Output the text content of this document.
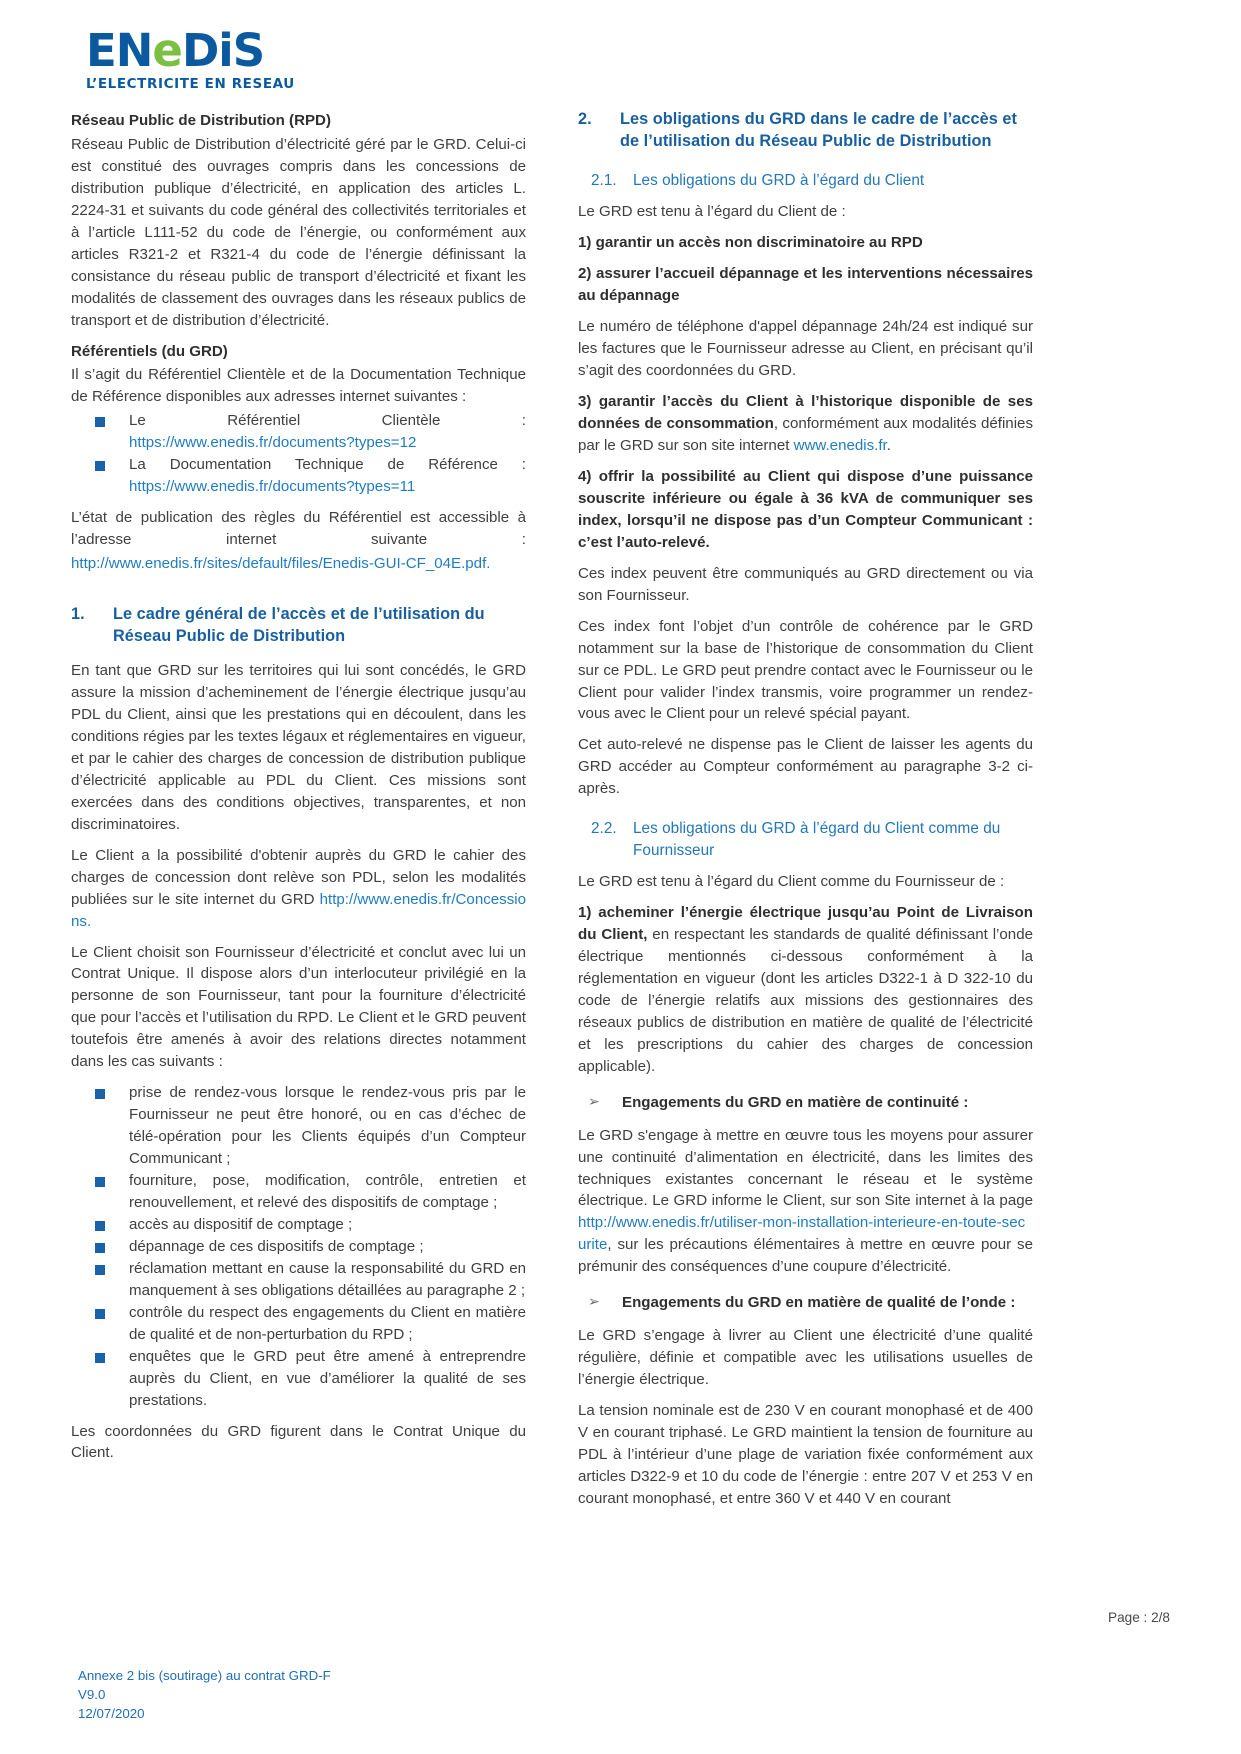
ENeDiS
L’ELECTRICITE EN RESEAU

Réseau Public de Distribution (RPD)

Réseau Public de Distribution d’électricité géré par le GRD. Celui-ci est constitué des ouvrages compris dans les concessions de distribution publique d’électricité, en application des articles L. 2224-31 et suivants du code général des collectivités territoriales et à l’article L111-52 du code de l’énergie, ou conformément aux articles R321-2 et R321-4 du code de l’énergie définissant la consistance du réseau public de transport d’électricité et fixant les modalités de classement des ouvrages dans les réseaux publics de transport et de distribution d’électricité.

Référentiels (du GRD)

Il s’agit du Référentiel Clientèle et de la Documentation Technique de Référence disponibles aux adresses internet suivantes :

Le Référentiel Clientèle :
https://www.enedis.fr/documents?types=12
La Documentation Technique de Référence :
https://www.enedis.fr/documents?types=11

L’état de publication des règles du Référentiel est accessible à l’adresse internet suivante :

http://www.enedis.fr/sites/default/files/Enedis-GUI-CF_04E.pdf.

1. Le cadre général de l’accès et de l’utilisation du Réseau Public de Distribution

En tant que GRD sur les territoires qui lui sont concédés, le GRD assure la mission d’acheminement de l’énergie électrique jusqu’au PDL du Client, ainsi que les prestations qui en découlent, dans les conditions régies par les textes légaux et réglementaires en vigueur, et par le cahier des charges de concession de distribution publique d’électricité applicable au PDL du Client. Ces missions sont exercées dans des conditions objectives, transparentes, et non discriminatoires.

Le Client a la possibilité d'obtenir auprès du GRD le cahier des charges de concession dont relève son PDL, selon les modalités publiées sur le site internet du GRD http://www.enedis.fr/Concessions.

Le Client choisit son Fournisseur d’électricité et conclut avec lui un Contrat Unique. Il dispose alors d’un interlocuteur privilégié en la personne de son Fournisseur, tant pour la fourniture d’électricité que pour l’accès et l’utilisation du RPD. Le Client et le GRD peuvent toutefois être amenés à avoir des relations directes notamment dans les cas suivants :

prise de rendez-vous lorsque le rendez-vous pris par le Fournisseur ne peut être honoré, ou en cas d’échec de télé-opération pour les Clients équipés d’un Compteur Communicant ;
fourniture, pose, modification, contrôle, entretien et renouvellement, et relevé des dispositifs de comptage ;
accès au dispositif de comptage ;
dépannage de ces dispositifs de comptage ;
réclamation mettant en cause la responsabilité du GRD en manquement à ses obligations détaillées au paragraphe 2 ;
contrôle du respect des engagements du Client en matière de qualité et de non-perturbation du RPD ;
enquêtes que le GRD peut être amené à entreprendre auprès du Client, en vue d’améliorer la qualité de ses prestations.

Les coordonnées du GRD figurent dans le Contrat Unique du Client.

2. Les obligations du GRD dans le cadre de l’accès et de l’utilisation du Réseau Public de Distribution
2.1. Les obligations du GRD à l’égard du Client

Le GRD est tenu à l’égard du Client de :

1) garantir un accès non discriminatoire au RPD

2) assurer l’accueil dépannage et les interventions nécessaires au dépannage

Le numéro de téléphone d'appel dépannage 24h/24 est indiqué sur les factures que le Fournisseur adresse au Client, en précisant qu’il s’agit des coordonnées du GRD.

3) garantir l’accès du Client à l’historique disponible de ses données de consommation, conformément aux modalités définies par le GRD sur son site internet www.enedis.fr.

4) offrir la possibilité au Client qui dispose d’une puissance souscrite inférieure ou égale à 36 kVA de communiquer ses index, lorsqu’il ne dispose pas d’un Compteur Communicant : c’est l’auto-relevé.

Ces index peuvent être communiqués au GRD directement ou via son Fournisseur.

Ces index font l’objet d’un contrôle de cohérence par le GRD notamment sur la base de l’historique de consommation du Client sur ce PDL. Le GRD peut prendre contact avec le Fournisseur ou le Client pour valider l’index transmis, voire programmer un rendez-vous avec le Client pour un relevé spécial payant.

Cet auto-relevé ne dispense pas le Client de laisser les agents du GRD accéder au Compteur conformément au paragraphe 3-2 ci-après.

2.2. Les obligations du GRD à l’égard du Client comme du Fournisseur

Le GRD est tenu à l’égard du Client comme du Fournisseur de :

1) acheminer l’énergie électrique jusqu’au Point de Livraison du Client, en respectant les standards de qualité définissant l’onde électrique mentionnés ci-dessous conformément à la réglementation en vigueur (dont les articles D322-1 à D 322-10 du code de l’énergie relatifs aux missions des gestionnaires des réseaux publics de distribution en matière de qualité de l’électricité et les prescriptions du cahier des charges de concession applicable).

➢ Engagements du GRD en matière de continuité :

Le GRD s'engage à mettre en œuvre tous les moyens pour assurer une continuité d’alimentation en électricité, dans les limites des techniques existantes concernant le réseau et le système électrique. Le GRD informe le Client, sur son Site internet à la page http://www.enedis.fr/utiliser-mon-installation-interieure-en-toute-securite, sur les précautions élémentaires à mettre en œuvre pour se prémunir des conséquences d’une coupure d’électricité.

➢ Engagements du GRD en matière de qualité de l’onde :

Le GRD s’engage à livrer au Client une électricité d’une qualité régulière, définie et compatible avec les utilisations usuelles de l’énergie électrique.

La tension nominale est de 230 V en courant monophasé et de 400 V en courant triphasé. Le GRD maintient la tension de fourniture au PDL à l’intérieur d’une plage de variation fixée conformément aux articles D322-9 et 10 du code de l’énergie : entre 207 V et 253 V en courant monophasé, et entre 360 V et 440 V en courant

Page : 2/8
Annexe 2 bis (soutirage) au contrat GRD-F
V9.0
12/07/2020
